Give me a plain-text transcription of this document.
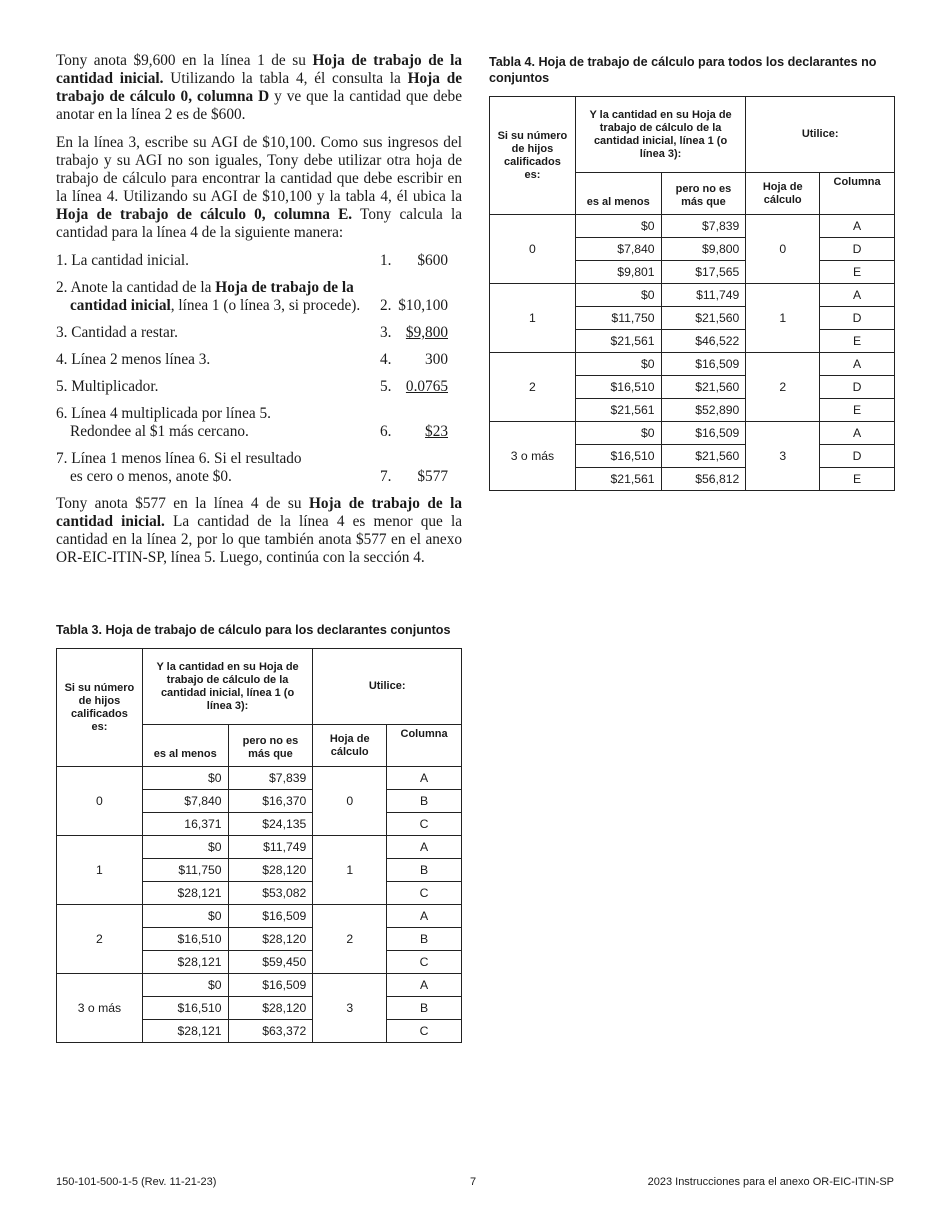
Tony anota $9,600 en la línea 1 de su Hoja de trabajo de la cantidad inicial. Utilizando la tabla 4, él consulta la Hoja de trabajo de cálculo 0, columna D y ve que la cantidad que debe anotar en la línea 2 es de $600.

En la línea 3, escribe su AGI de $10,100. Como sus ingresos del trabajo y su AGI no son iguales, Tony debe utilizar otra hoja de trabajo de cálculo para encontrar la cantidad que debe escribir en la línea 4. Utilizando su AGI de $10,100 y la tabla 4, él ubica la Hoja de trabajo de cálculo 0, columna E. Tony calcula la cantidad para la línea 4 de la siguiente manera:

1. La cantidad inicial.	1. $600
2. Anote la cantidad de la Hoja de trabajo de la
cantidad inicial, línea 1 (o línea 3, si procede).	2. $10,100
3. Cantidad a restar.	3. $9,800
4. Línea 2 menos línea 3.	4. 300
5. Multiplicador.	5. 0.0765
6. Línea 4 multiplicada por línea 5.
Redondee al $1 más cercano.	6. $23
7. Línea 1 menos línea 6. Si el resultado
es cero o menos, anote $0.	7. $577

Tony anota $577 en la línea 4 de su Hoja de trabajo de la cantidad inicial. La cantidad de la línea 4 es menor que la cantidad en la línea 2, por lo que también anota $577 en el anexo OR-EIC-ITIN-SP, línea 5. Luego, continúa con la sección 4.

Tabla 3. Hoja de trabajo de cálculo para los declarantes conjuntos
Si su número de hijos calificados es:	Y la cantidad en su Hoja de trabajo de cálculo de la cantidad inicial, línea 1 (o línea 3):		Utilice:	
	es al menos	pero no es más que	Hoja de cálculo	Columna
0	$0	$7,839	0	A
	$7,840	$16,370		B
	16,371	$24,135		C
1	$0	$11,749	1	A
	$11,750	$28,120		B
	$28,121	$53,082		C
2	$0	$16,509	2	A
	$16,510	$28,120		B
	$28,121	$59,450		C
3 o más	$0	$16,509	3	A
	$16,510	$28,120		B
	$28,121	$63,372		C
Tabla 4. Hoja de trabajo de cálculo para todos los declarantes no conjuntos
Si su número de hijos calificados es:	Y la cantidad en su Hoja de trabajo de cálculo de la cantidad inicial, línea 1 (o línea 3):		Utilice:	
	es al menos	pero no es más que	Hoja de cálculo	Columna
0	$0	$7,839	0	A
	$7,840	$9,800		D
	$9,801	$17,565		E
1	$0	$11,749	1	A
	$11,750	$21,560		D
	$21,561	$46,522		E
2	$0	$16,509	2	A
	$16,510	$21,560		D
	$21,561	$52,890		E
3 o más	$0	$16,509	3	A
	$16,510	$21,560		D
	$21,561	$56,812		E
150-101-500-1-5 (Rev. 11-21-23)	7	2023 Instrucciones para el anexo OR-EIC-ITIN-SP
